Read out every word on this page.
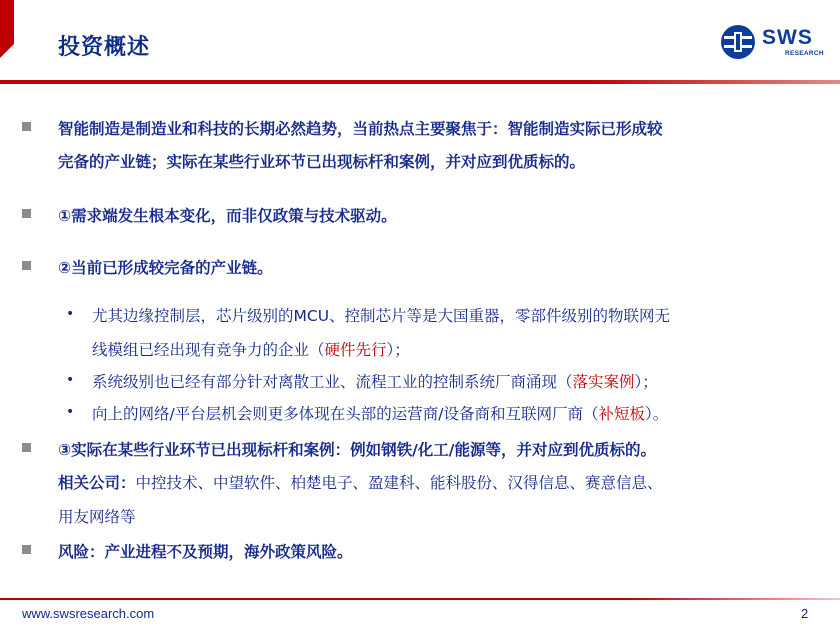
投资概述	SWS
RESEARCH
智能制造是制造业和科技的长期必然趋势，当前热点主要聚焦于：智能制造实际已形成较
完备的产业链；实际在某些行业环节已出现标杆和案例，并对应到优质标的。
①需求端发生根本变化，而非仅政策与技术驱动。
②当前已形成较完备的产业链。
• 尤其边缘控制层，芯片级别的MCU、控制芯片等是大国重器，零部件级别的物联网无
线模组已经出现有竞争力的企业（硬件先行）；
• 系统级别也已经有部分针对离散工业、流程工业的控制系统厂商涌现（落实案例）；
• 向上的网络/平台层机会则更多体现在头部的运营商/设备商和互联网厂商（补短板）。
③实际在某些行业环节已出现标杆和案例：例如钢铁/化工/能源等，并对应到优质标的。
相关公司：中控技术、中望软件、柏楚电子、盈建科、能科股份、汉得信息、赛意信息、
用友网络等
风险：产业进程不及预期，海外政策风险。
www.swsresearch.com	2
